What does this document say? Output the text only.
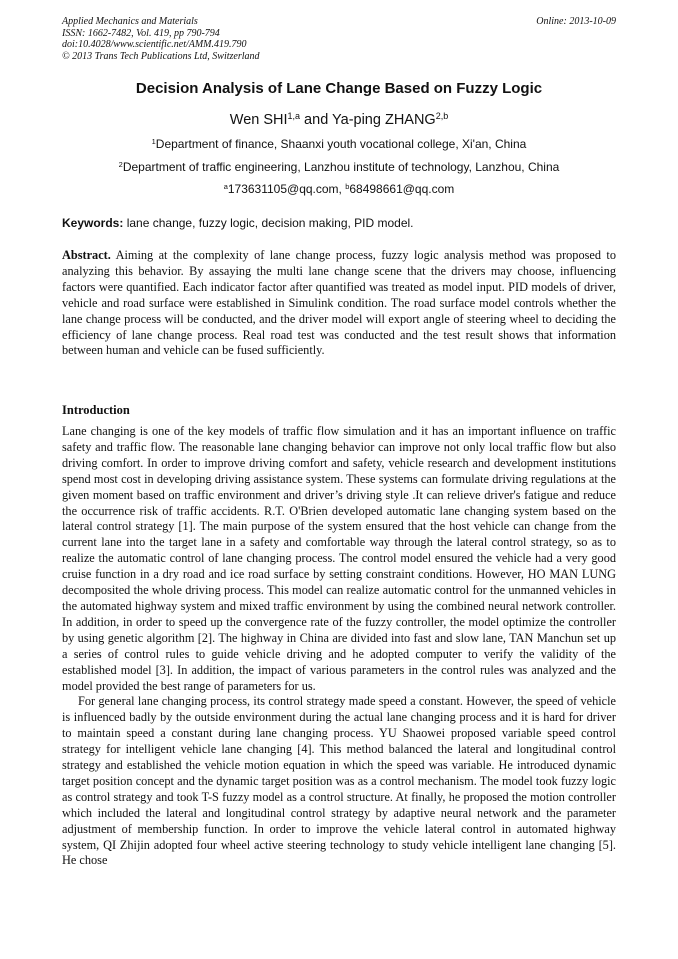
Applied Mechanics and Materials
ISSN: 1662-7482, Vol. 419, pp 790-794
doi:10.4028/www.scientific.net/AMM.419.790
© 2013 Trans Tech Publications Ltd, Switzerland
Online: 2013-10-09
Decision Analysis of Lane Change Based on Fuzzy Logic
Wen SHI$^{1,a}$ and Ya-ping ZHANG$^{2,b}$
$^1$Department of finance, Shaanxi youth vocational college, Xi'an, China
$^2$Department of traffic engineering, Lanzhou institute of technology, Lanzhou, China
$^a$173631105@qq.com, $^b$68498661@qq.com
Keywords: lane change, fuzzy logic, decision making, PID model.

Abstract. Aiming at the complexity of lane change process, fuzzy logic analysis method was proposed to analyzing this behavior. By assaying the multi lane change scene that the drivers may choose, influencing factors were quantified. Each indicator factor after quantified was treated as model input. PID models of driver, vehicle and road surface were established in Simulink condition. The road surface model controls whether the lane change process will be conducted, and the driver model will export angle of steering wheel to deciding the efficiency of lane change process. Real road test was conducted and the test result shows that information between human and vehicle can be fused sufficiently.

Introduction

Lane changing is one of the key models of traffic flow simulation and it has an important influence on traffic safety and traffic flow. The reasonable lane changing behavior can improve not only local traffic flow but also driving comfort. In order to improve driving comfort and safety, vehicle research and development institutions spend most cost in developing driving assistance system. These systems can formulate driving regulations at the given moment based on traffic environment and driver’s driving style .It can relieve driver's fatigue and reduce the occurrence risk of traffic accidents. R.T. O'Brien developed automatic lane changing system based on the lateral control strategy [1]. The main purpose of the system ensured that the host vehicle can change from the current lane into the target lane in a safety and comfortable way through the lateral control strategy, so as to realize the automatic control of lane changing process. The control model ensured the vehicle had a very good cruise function in a dry road and ice road surface by setting constraint conditions. However, HO MAN LUNG decomposited the whole driving process. This model can realize automatic control for the unmanned vehicles in the automated highway system and mixed traffic environment by using the combined neural network controller. In addition, in order to speed up the convergence rate of the fuzzy controller, the model optimize the controller by using genetic algorithm [2]. The highway in China are divided into fast and slow lane, TAN Manchun set up a series of control rules to guide vehicle driving and he adopted computer to verify the validity of the established model [3]. In addition, the impact of various parameters in the control rules was analyzed and the model provided the best range of parameters for us.

For general lane changing process, its control strategy made speed a constant. However, the speed of vehicle is influenced badly by the outside environment during the actual lane changing process and it is hard for driver to maintain speed a constant during lane changing process. YU Shaowei proposed variable speed control strategy for intelligent vehicle lane changing [4]. This method balanced the lateral and longitudinal control strategy and established the vehicle motion equation in which the speed was variable. He introduced dynamic target position concept and the dynamic target position was as a control mechanism. The model took fuzzy logic as control strategy and took T-S fuzzy model as a control structure. At finally, he proposed the motion controller which included the lateral and longitudinal control strategy by adaptive neural network and the parameter adjustment of membership function. In order to improve the vehicle lateral control in automated highway system, QI Zhijin adopted four wheel active steering technology to study vehicle intelligent lane changing [5]. He chose
